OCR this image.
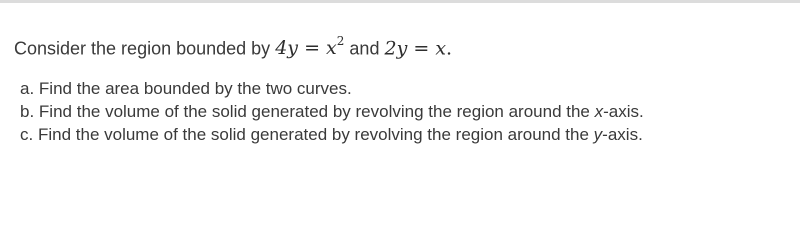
Consider the region bounded by $4y = x^2$ and 2y = x.

a. Find the area bounded by the two curves.
b. Find the volume of the solid generated by revolving the region around the x-axis.
c. Find the volume of the solid generated by revolving the region around the y-axis.
